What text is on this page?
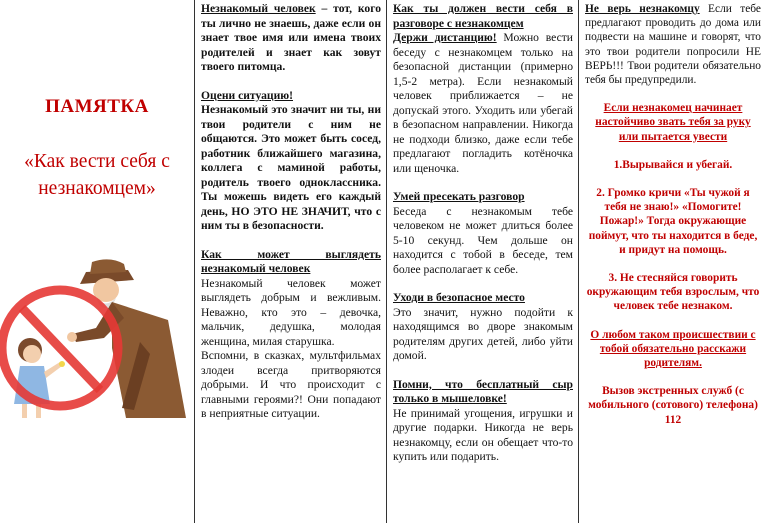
ПАМЯТКА
«Как вести себя с незнакомцем»

Незнакомый человек – тот, кого ты лично не знаешь, даже если он знает твое имя или имена твоих родителей и знает как зовут твоего питомца.

Оцени ситуацию!

Незнакомый это значит ни ты, ни твои родители с ним не общаются. Это может быть сосед, работник ближайшего магазина, коллега с маминой работы, родитель твоего одноклассника. Ты можешь видеть его каждый день, НО ЭТО НЕ ЗНАЧИТ, что с ним ты в безопасности.

Как может выглядеть незнакомый человек

Незнакомый человек может выглядеть добрым и вежливым. Неважно, кто это – девочка, мальчик, дедушка, молодая женщина, милая старушка.

Вспомни, в сказках, мультфильмах злодеи всегда притворяются добрыми. И что происходит с главными героями?! Они попадают в неприятные ситуации.

Как ты должен вести себя в разговоре с незнакомцем

Держи дистанцию! Можно вести беседу с незнакомцем только на безопасной дистанции (примерно 1,5-2 метра). Если незнакомый человек приближается – не допускай этого. Уходить или убегай в безопасном направлении. Никогда не подходи близко, даже если тебе предлагают погладить котёночка или щеночка.

Умей пресекать разговор

Беседа с незнакомым тебе человеком не может длиться более 5-10 секунд. Чем дольше он находится с тобой в беседе, тем более располагает к себе.

Уходи в безопасное место

Это значит, нужно подойти к находящимся во дворе знакомым родителям других детей, либо уйти домой.

Помни, что бесплатный сыр только в мышеловке!

Не принимай угощения, игрушки и другие подарки. Никогда не верь незнакомцу, если он обещает что-то купить или подарить.

Не верь незнакомцу Если тебе предлагают проводить до дома или подвести на машине и говорят, что это твои родители попросили НЕ ВЕРЬ!!! Твои родители обязательно тебя бы предупредили.

Если незнакомец начинает настойчиво звать тебя за руку или пытается увести

1.Вырывайся и убегай.

2. Громко кричи «Ты чужой я тебя не знаю!» «Помогите! Пожар!» Тогда окружающие поймут, что ты находится в беде, и придут на помощь.

3. Не стесняйся говорить окружающим тебя взрослым, что человек тебе незнаком.

О любом таком происшествии с тобой обязательно расскажи родителям.

Вызов экстренных служб (с мобильного (сотового) телефона)

112
